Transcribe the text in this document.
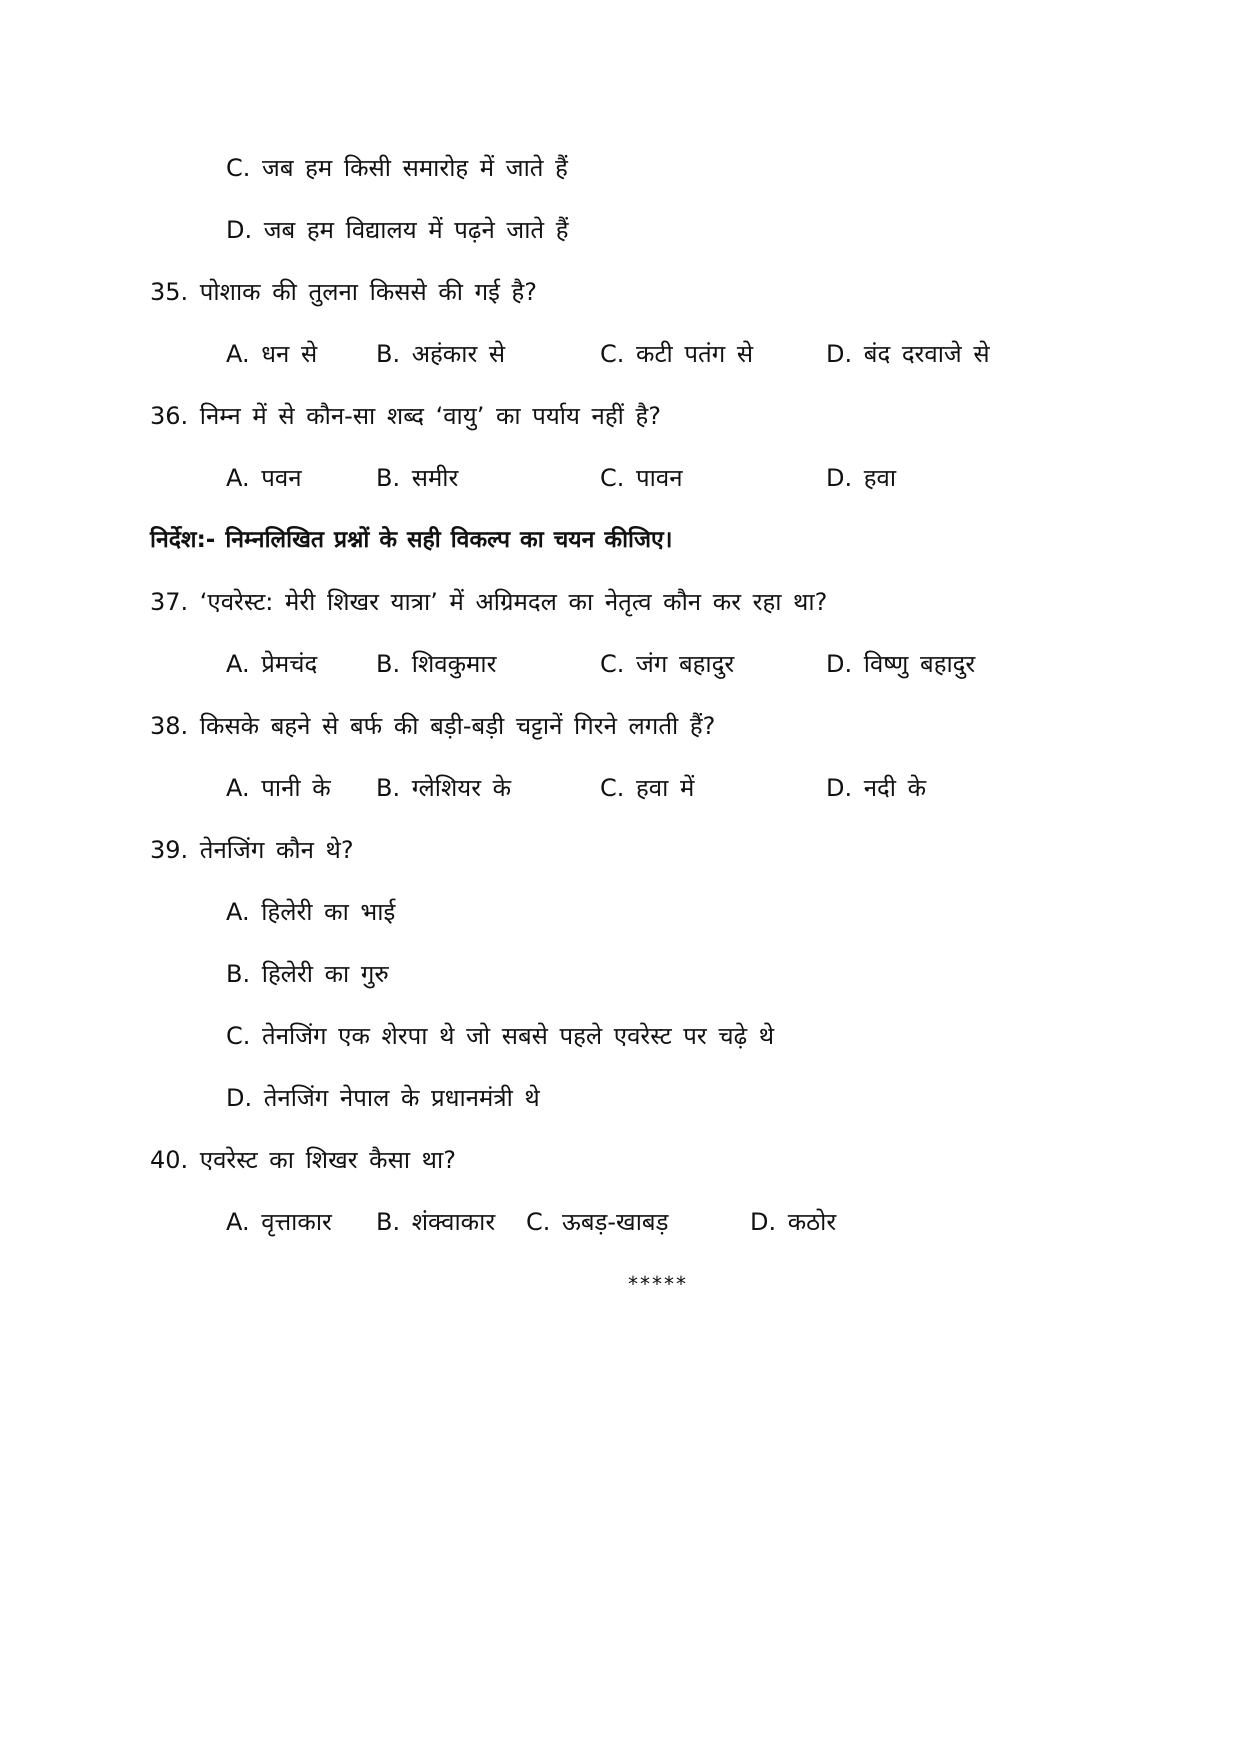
C. जब हम किसी समारोह में जाते हैं
D. जब हम विद्यालय में पढ़ने जाते हैं
35. पोशाक की तुलना किससे की गई है?
A. धन से B. अहंकार से	C. कटी पतंग से	D. बंद दरवाजे से
36. निम्न में से कौन-सा शब्द ‘वायु’ का पर्याय नहीं है?
A. पवन	B. समीर	C. पावन	D. हवा
निर्देश:- निम्नलिखित प्रश्नों के सही विकल्प का चयन कीजिए।
37. ‘एवरेस्ट: मेरी शिखर यात्रा’ में अग्रिमदल का नेतृत्व कौन कर रहा था?
A. प्रेमचंद B. शिवकुमार	C. जंग बहादुर	D. विष्णु बहादुर
38. किसके बहने से बर्फ की बड़ी-बड़ी चट्टानें गिरने लगती हैं?
A. पानी के B. ग्लेशियर के	C. हवा में	D. नदी के
39. तेनजिंग कौन थे?
A. हिलेरी का भाई
B. हिलेरी का गुरु
C. तेनजिंग एक शेरपा थे जो सबसे पहले एवरेस्ट पर चढ़े थे
D. तेनजिंग नेपाल के प्रधानमंत्री थे
40. एवरेस्ट का शिखर कैसा था?
A. वृत्ताकार B. शंक्वाकार C. ऊबड़-खाबड़	D. कठोर
*****
